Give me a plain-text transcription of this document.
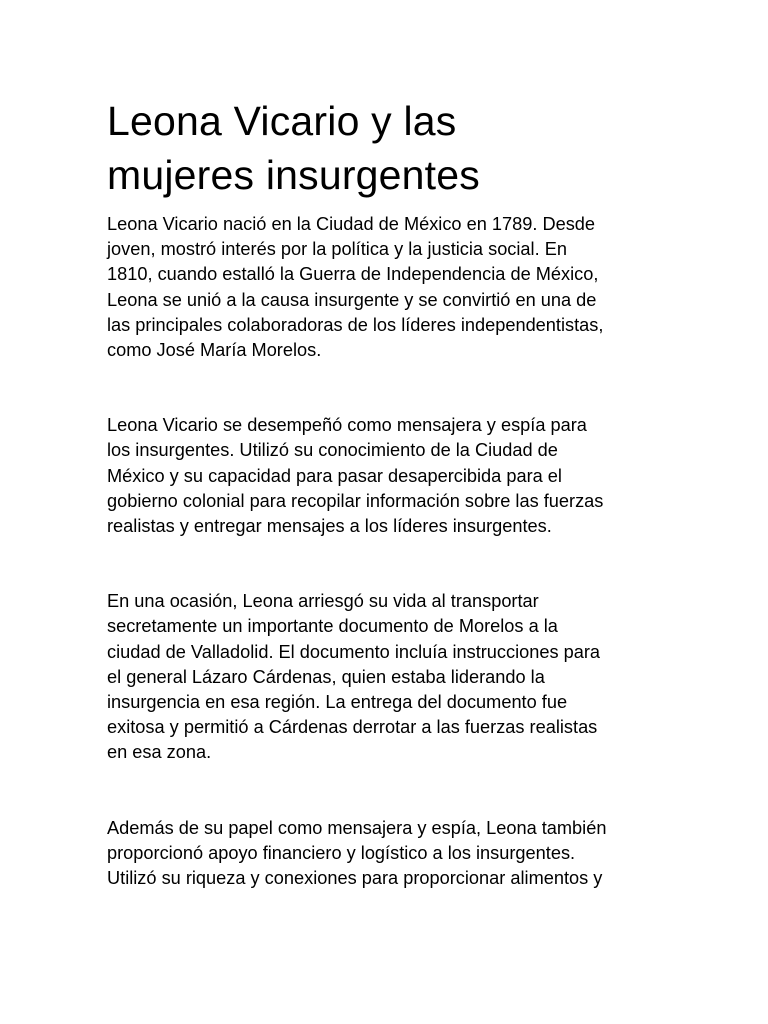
Leona Vicario y las
mujeres insurgentes

Leona Vicario nació en la Ciudad de México en 1789. Desde
joven, mostró interés por la política y la justicia social. En
1810, cuando estalló la Guerra de Independencia de México,
Leona se unió a la causa insurgente y se convirtió en una de
las principales colaboradoras de los líderes independentistas,
como José María Morelos.

Leona Vicario se desempeñó como mensajera y espía para
los insurgentes. Utilizó su conocimiento de la Ciudad de
México y su capacidad para pasar desapercibida para el
gobierno colonial para recopilar información sobre las fuerzas
realistas y entregar mensajes a los líderes insurgentes.

En una ocasión, Leona arriesgó su vida al transportar
secretamente un importante documento de Morelos a la
ciudad de Valladolid. El documento incluía instrucciones para
el general Lázaro Cárdenas, quien estaba liderando la
insurgencia en esa región. La entrega del documento fue
exitosa y permitió a Cárdenas derrotar a las fuerzas realistas
en esa zona.

Además de su papel como mensajera y espía, Leona también
proporcionó apoyo financiero y logístico a los insurgentes.
Utilizó su riqueza y conexiones para proporcionar alimentos y
